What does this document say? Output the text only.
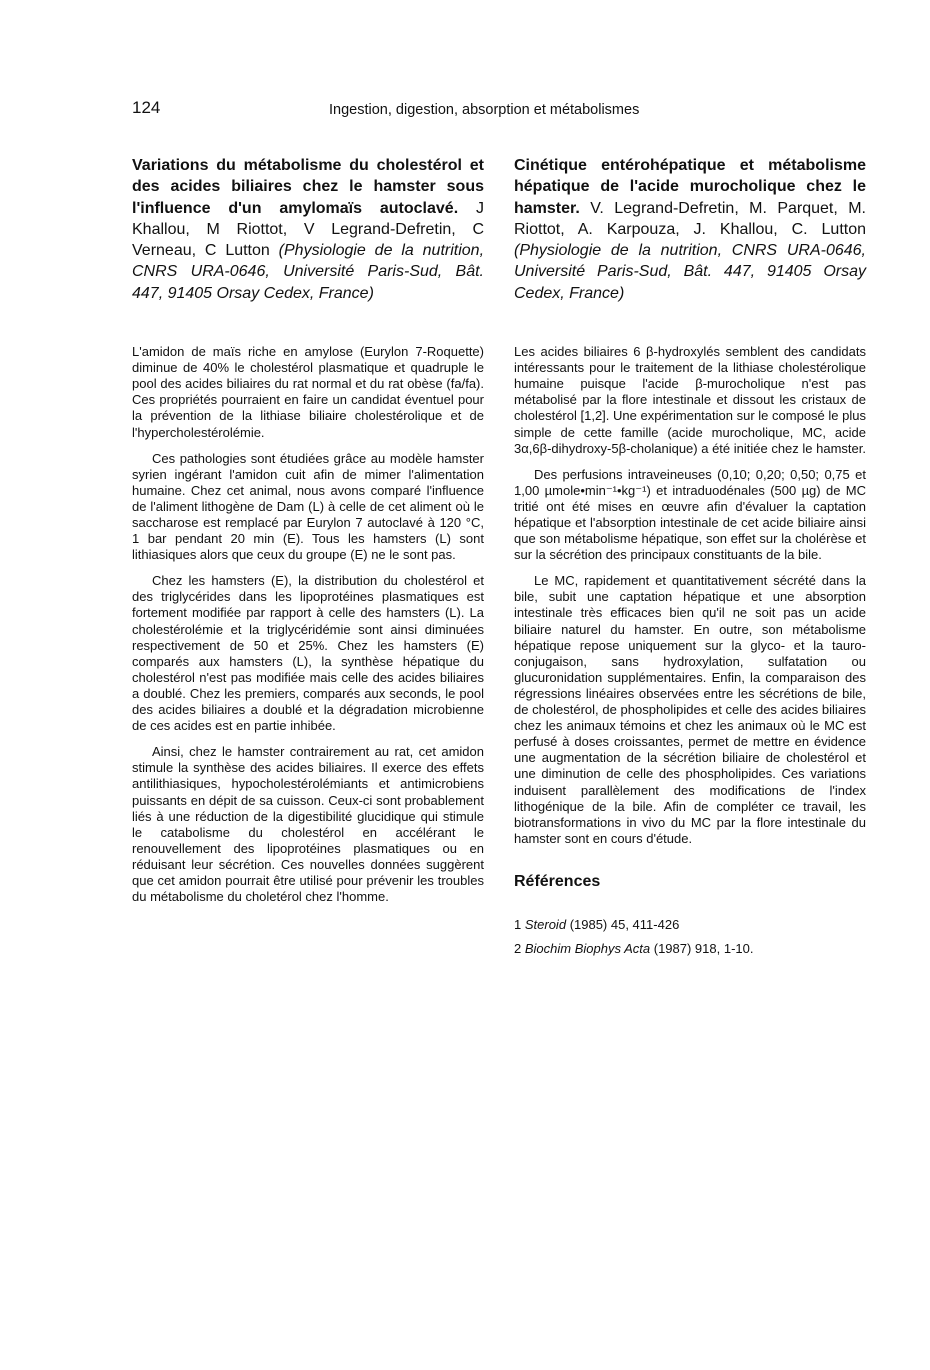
124	Ingestion, digestion, absorption et métabolismes

Variations du métabolisme du cholestérol et des acides biliaires chez le hamster sous l'influence d'un amylomaïs autoclavé. J Khallou, M Riottot, V Legrand-Defretin, C Verneau, C Lutton (Physiologie de la nutrition, CNRS URA-0646, Université Paris-Sud, Bât. 447, 91405 Orsay Cedex, France)

L'amidon de maïs riche en amylose (Eurylon 7-Roquette) diminue de 40% le cholestérol plasmatique et quadruple le pool des acides biliaires du rat normal et du rat obèse (fa/fa). Ces propriétés pourraient en faire un candidat éventuel pour la prévention de la lithiase biliaire cholestérolique et de l'hypercholestérolémie.

Ces pathologies sont étudiées grâce au modèle hamster syrien ingérant l'amidon cuit afin de mimer l'alimentation humaine. Chez cet animal, nous avons comparé l'influence de l'aliment lithogène de Dam (L) à celle de cet aliment où le saccharose est remplacé par Eurylon 7 autoclavé à 120 °C, 1 bar pendant 20 min (E). Tous les hamsters (L) sont lithiasiques alors que ceux du groupe (E) ne le sont pas.

Chez les hamsters (E), la distribution du cholestérol et des triglycérides dans les lipoprotéines plasmatiques est fortement modifiée par rapport à celle des hamsters (L). La cholestérolémie et la triglycéridémie sont ainsi diminuées respectivement de 50 et 25%. Chez les hamsters (E) comparés aux hamsters (L), la synthèse hépatique du cholestérol n'est pas modifiée mais celle des acides biliaires a doublé. Chez les premiers, comparés aux seconds, le pool des acides biliaires a doublé et la dégradation microbienne de ces acides est en partie inhibée.

Ainsi, chez le hamster contrairement au rat, cet amidon stimule la synthèse des acides biliaires. Il exerce des effets antilithiasiques, hypocholestérolémiants et antimicrobiens puissants en dépit de sa cuisson. Ceux-ci sont probablement liés à une réduction de la digestibilité glucidique qui stimule le catabolisme du cholestérol en accélérant le renouvellement des lipoprotéines plasmatiques ou en réduisant leur sécrétion. Ces nouvelles données suggèrent que cet amidon pourrait être utilisé pour prévenir les troubles du métabolisme du choletérol chez l'homme.

Cinétique entérohépatique et métabolisme hépatique de l'acide murocholique chez le hamster. V. Legrand-Defretin, M. Parquet, M. Riottot, A. Karpouza, J. Khallou, C. Lutton (Physiologie de la nutrition, CNRS URA-0646, Université Paris-Sud, Bât. 447, 91405 Orsay Cedex, France)

Les acides biliaires 6 β-hydroxylés semblent des candidats intéressants pour le traitement de la lithiase cholestérolique humaine puisque l'acide β-murocholique n'est pas métabolisé par la flore intestinale et dissout les cristaux de cholestérol [1,2]. Une expérimentation sur le composé le plus simple de cette famille (acide murocholique, MC, acide 3α,6β-dihydroxy-5β-cholanique) a été initiée chez le hamster.

Des perfusions intraveineuses (0,10; 0,20; 0,50; 0,75 et 1,00 µmole•min⁻¹•kg⁻¹) et intraduodénales (500 µg) de MC tritié ont été mises en œuvre afin d'évaluer la captation hépatique et l'absorption intestinale de cet acide biliaire ainsi que son métabolisme hépatique, son effet sur la cholérèse et sur la sécrétion des principaux constituants de la bile.

Le MC, rapidement et quantitativement sécrété dans la bile, subit une captation hépatique et une absorption intestinale très efficaces bien qu'il ne soit pas un acide biliaire naturel du hamster. En outre, son métabolisme hépatique repose uniquement sur la glyco- et la tauroconjugaison, sans hydroxylation, sulfatation ou glucuronidation supplémentaires. Enfin, la comparaison des régressions linéaires observées entre les sécrétions de bile, de cholestérol, de phospholipides et celle des acides biliaires chez les animaux témoins et chez les animaux où le MC est perfusé à doses croissantes, permet de mettre en évidence une augmentation de la sécrétion biliaire de cholestérol et une diminution de celle des phospholipides. Ces variations induisent parallèlement des modifications de l'index lithogénique de la bile. Afin de compléter ce travail, les biotransformations in vivo du MC par la flore intestinale du hamster sont en cours d'étude.

Références
1 Steroid (1985) 45, 411-426
2 Biochim Biophys Acta (1987) 918, 1-10.
